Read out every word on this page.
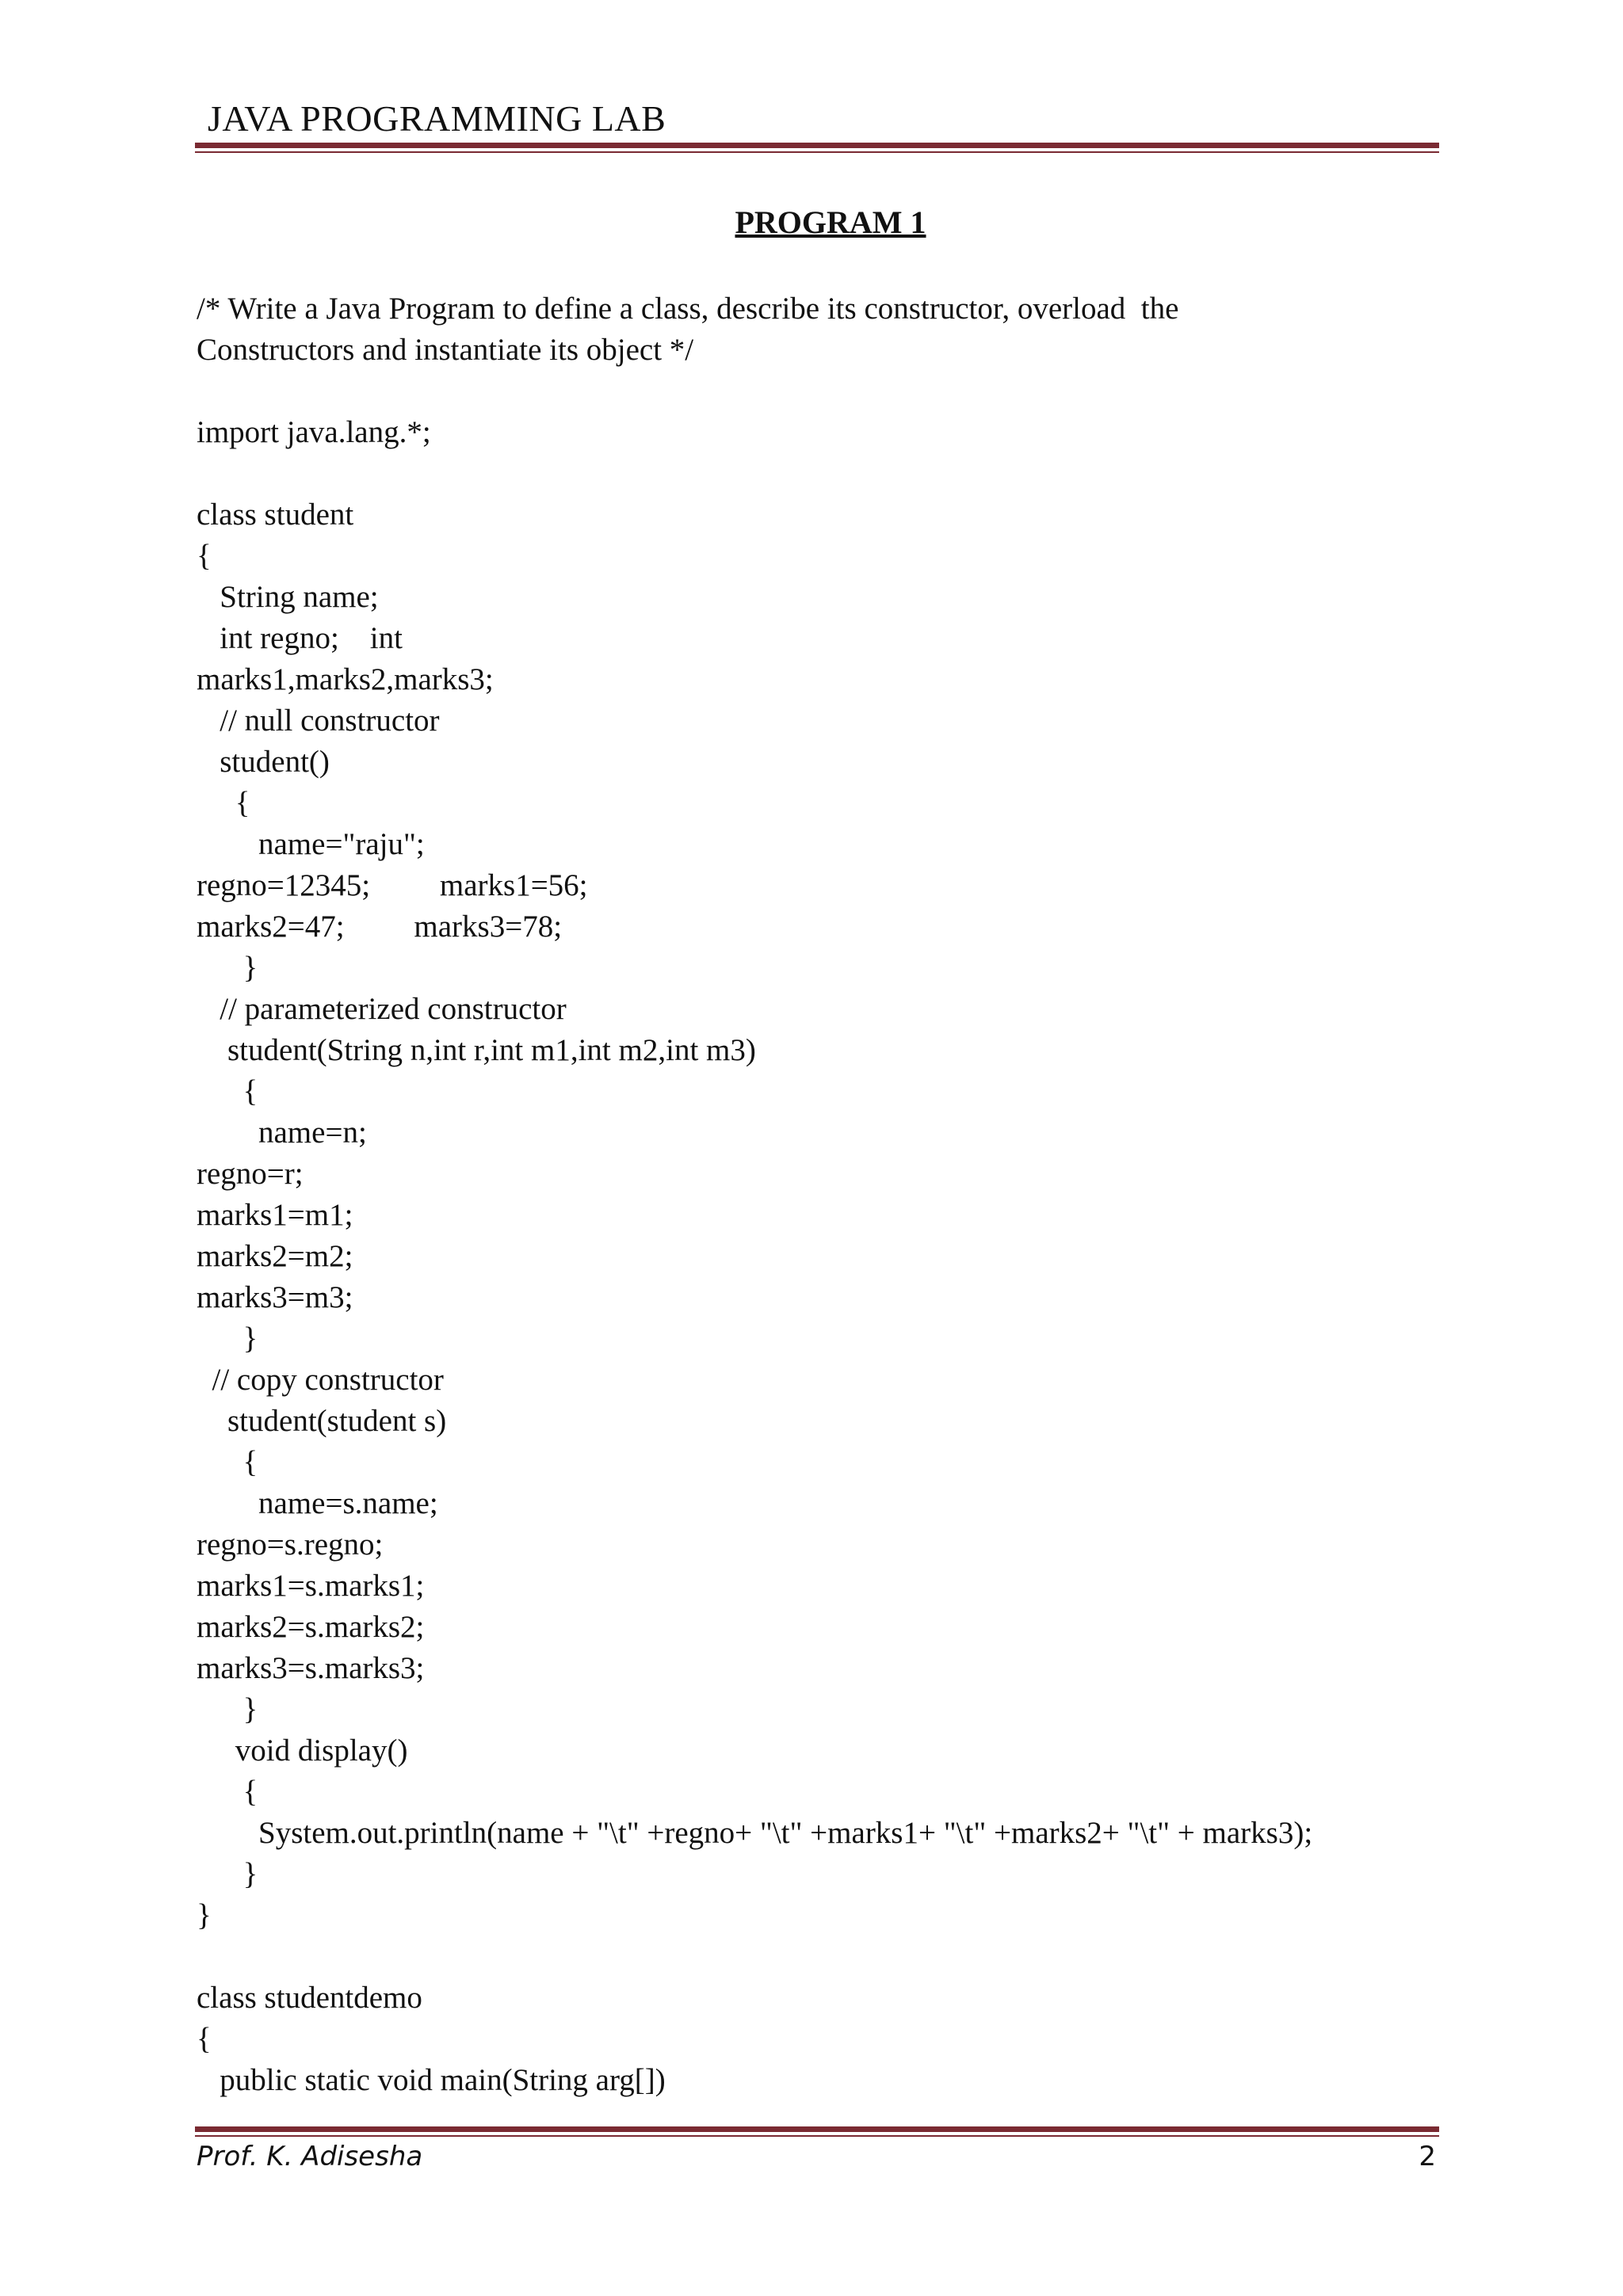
JAVA PROGRAMMING LAB
PROGRAM 1
/* Write a Java Program to define a class, describe its constructor, overload  the
Constructors and instantiate its object */
import java.lang.*;
class student
{
String name;
int regno;    int
marks1,marks2,marks3;
// null constructor
student()
{
name="raju";
regno=12345;         marks1=56;
marks2=47;         marks3=78;
}
// parameterized constructor
student(String n,int r,int m1,int m2,int m3)
{
name=n;
regno=r;
marks1=m1;
marks2=m2;
marks3=m3;
}
// copy constructor
student(student s)
{
name=s.name;
regno=s.regno;
marks1=s.marks1;
marks2=s.marks2;
marks3=s.marks3;
}
void display()
{
System.out.println(name + "\t" +regno+ "\t" +marks1+ "\t" +marks2+ "\t" + marks3);
}
}
class studentdemo
{
public static void main(String arg[])
Prof. K. Adisesha	2
